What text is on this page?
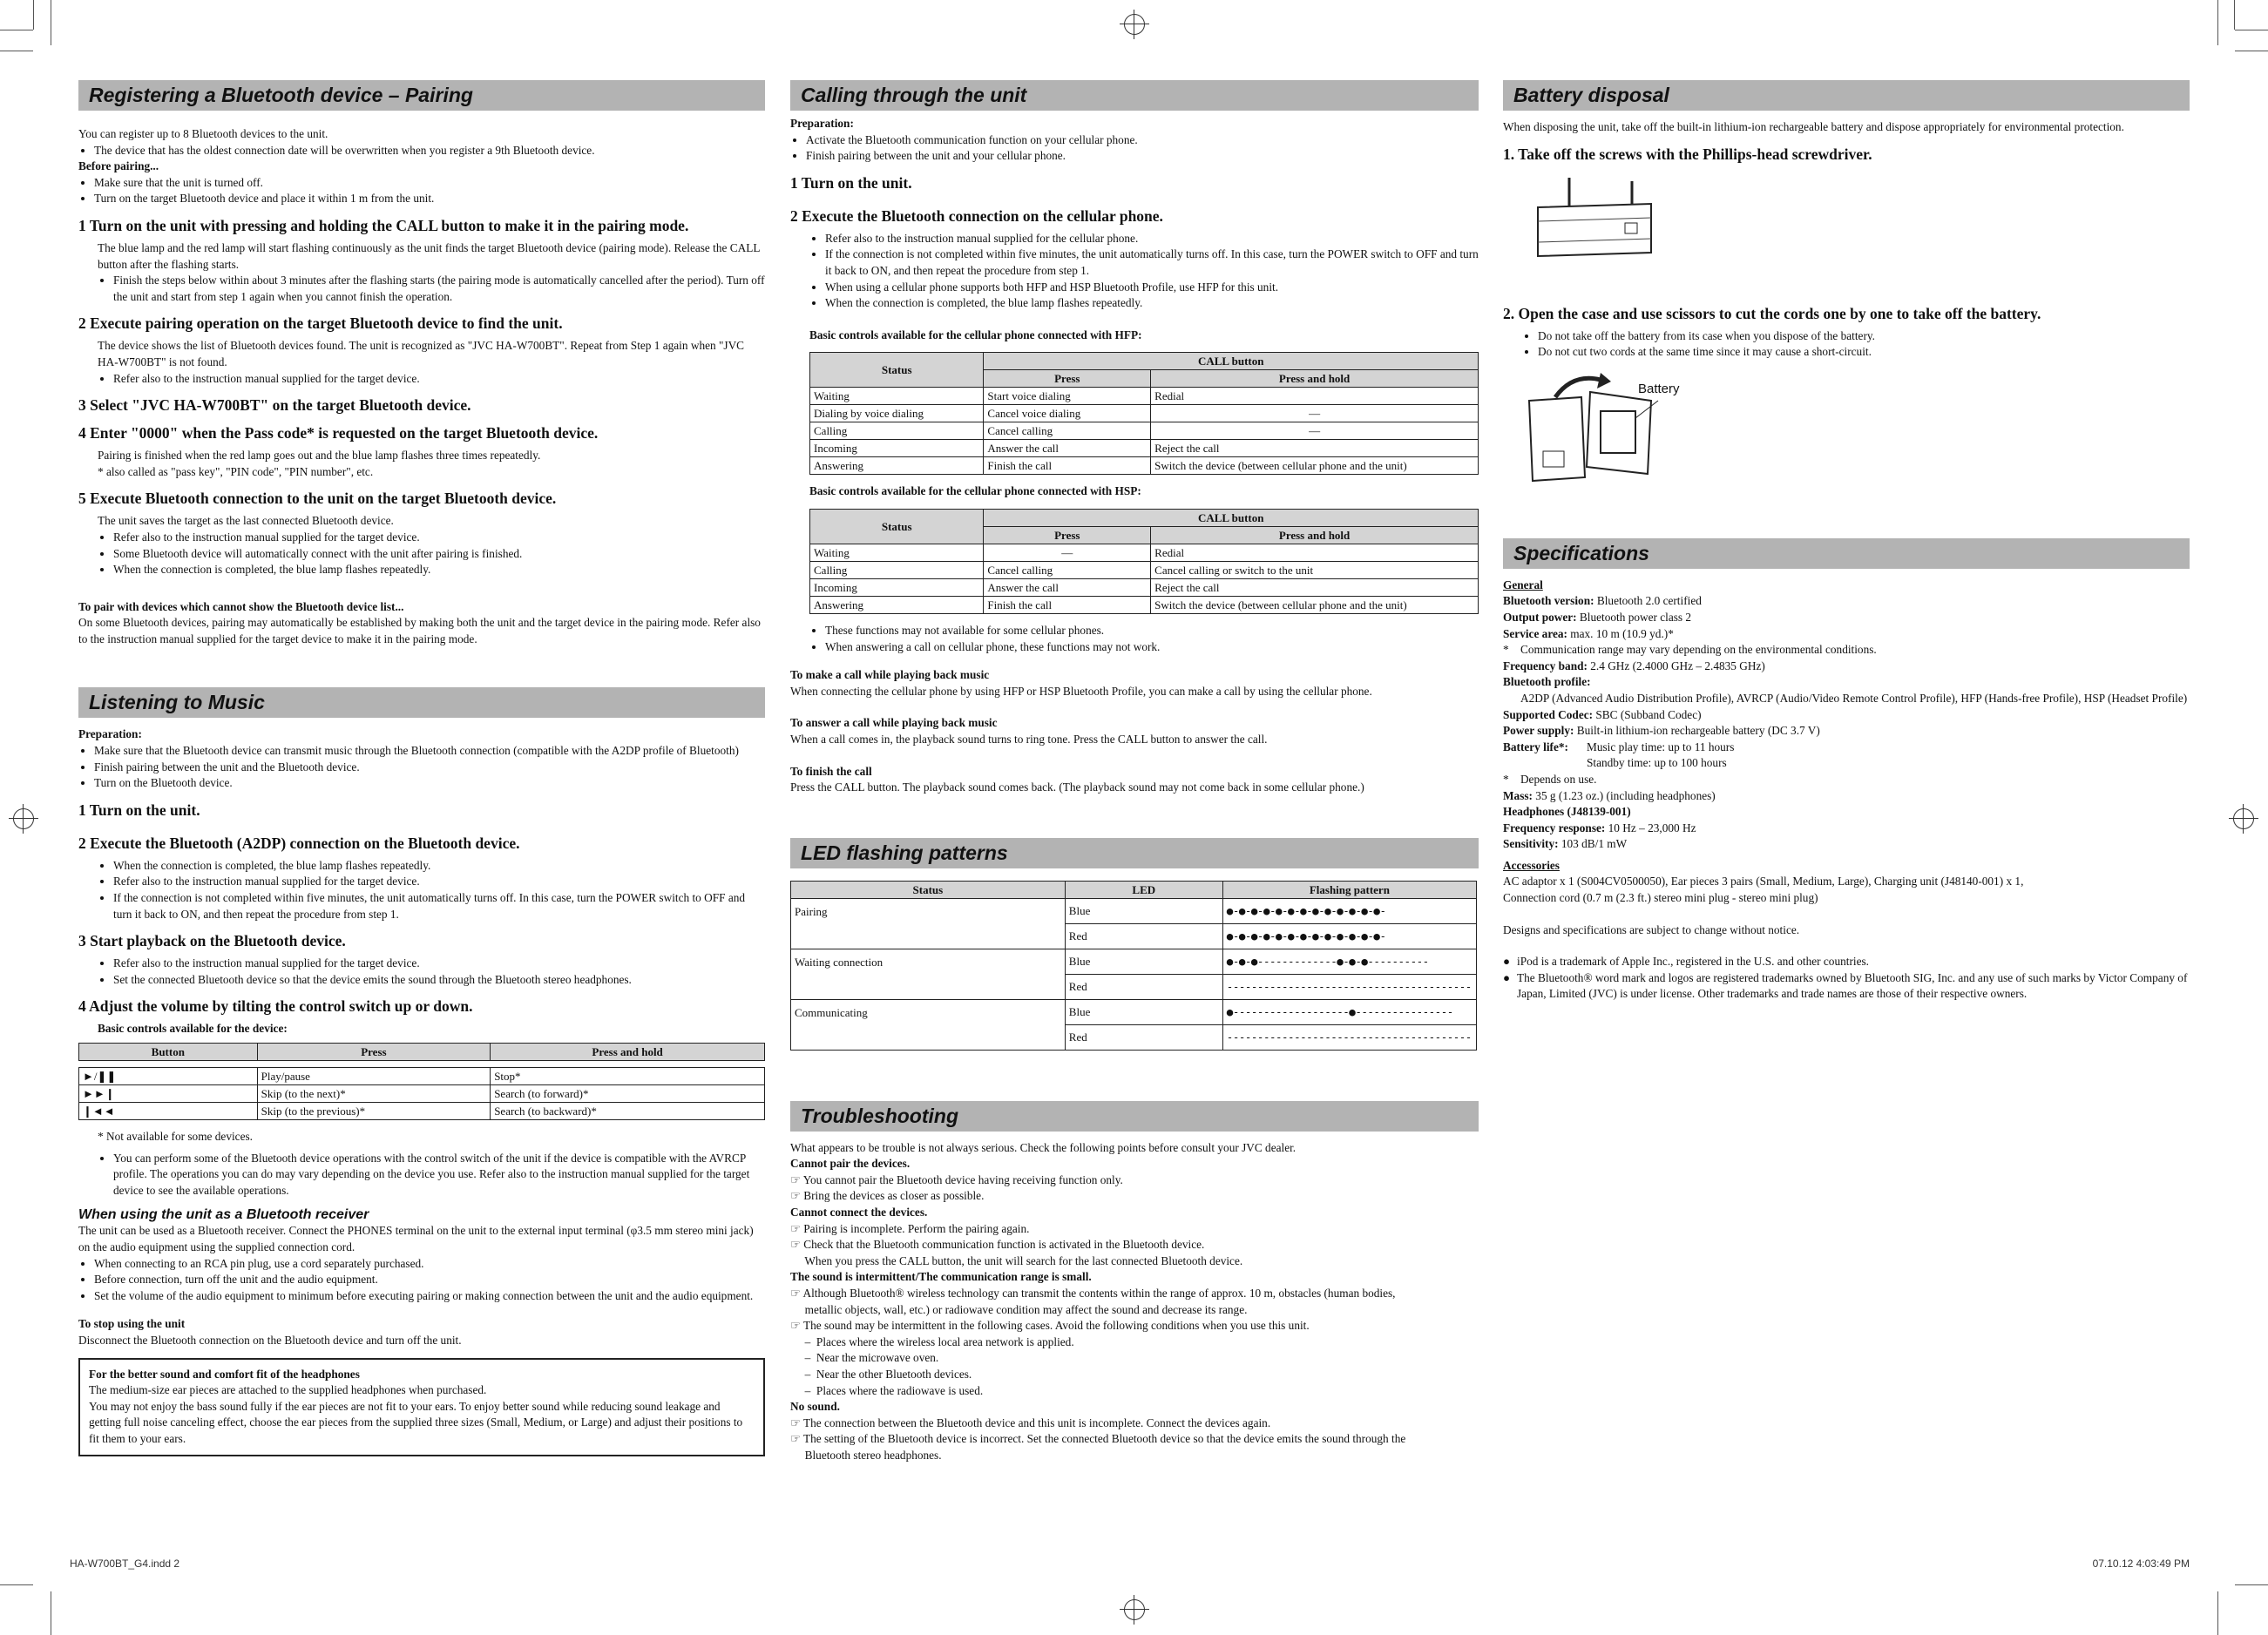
Registering a Bluetooth device – Pairing

You can register up to 8 Bluetooth devices to the unit.

• The device that has the oldest connection date will be overwritten when you register a 9th Bluetooth device.

Before pairing...

• Make sure that the unit is turned off.
• Turn on the target Bluetooth device and place it within 1 m from the unit.
1 Turn on the unit with pressing and holding the CALL button to make it in the pairing mode.

The blue lamp and the red lamp will start flashing continuously as the unit finds the target Bluetooth device (pairing mode). Release the CALL button after the flashing starts.

• Finish the steps below within about 3 minutes after the flashing starts (the pairing mode is automatically cancelled after the period). Turn off the unit and start from step 1 again when you cannot finish the operation.
2 Execute pairing operation on the target Bluetooth device to find the unit.

The device shows the list of Bluetooth devices found. The unit is recognized as "JVC HA-W700BT". Repeat from Step 1 again when "JVC HA-W700BT" is not found.

• Refer also to the instruction manual supplied for the target device.
3 Select "JVC HA-W700BT" on the target Bluetooth device.
4 Enter "0000" when the Pass code* is requested on the target Bluetooth device.

Pairing is finished when the red lamp goes out and the blue lamp flashes three times repeatedly.

* also called as "pass key", "PIN code", "PIN number", etc.

5 Execute Bluetooth connection to the unit on the target Bluetooth device.

The unit saves the target as the last connected Bluetooth device.

• Refer also to the instruction manual supplied for the target device.
• Some Bluetooth device will automatically connect with the unit after pairing is finished.
• When the connection is completed, the blue lamp flashes repeatedly.

To pair with devices which cannot show the Bluetooth device list...

On some Bluetooth devices, pairing may automatically be established by making both the unit and the target device in the pairing mode. Refer also to the instruction manual supplied for the target device to make it in the pairing mode.

Listening to Music

Preparation:

• Make sure that the Bluetooth device can transmit music through the Bluetooth connection (compatible with the A2DP profile of Bluetooth)
• Finish pairing between the unit and the Bluetooth device.
• Turn on the Bluetooth device.
1 Turn on the unit.
2 Execute the Bluetooth (A2DP) connection on the Bluetooth device.
• When the connection is completed, the blue lamp flashes repeatedly.
• Refer also to the instruction manual supplied for the target device.
• If the connection is not completed within five minutes, the unit automatically turns off. In this case, turn the POWER switch to OFF and turn it back to ON, and then repeat the procedure from step 1.
3 Start playback on the Bluetooth device.
• Refer also to the instruction manual supplied for the target device.
• Set the connected Bluetooth device so that the device emits the sound through the Bluetooth stereo headphones.
4 Adjust the volume by tilting the control switch up or down.

Basic controls available for the device:

Button	Press	Press and hold

►/❚❚	Play/pause	Stop*
►►❙	Skip (to the next)*	Search (to forward)*
❙◄◄	Skip (to the previous)*	Search (to backward)*

* Not available for some devices.

• You can perform some of the Bluetooth device operations with the control switch of the unit if the device is compatible with the AVRCP profile. The operations you can do may vary depending on the device you use. Refer also to the instruction manual supplied for the target device to see the available operations.
When using the unit as a Bluetooth receiver

The unit can be used as a Bluetooth receiver. Connect the PHONES terminal on the unit to the external input terminal (φ3.5 mm stereo mini jack) on the audio equipment using the supplied connection cord.

• When connecting to an RCA pin plug, use a cord separately purchased.
• Before connection, turn off the unit and the audio equipment.
• Set the volume of the audio equipment to minimum before executing pairing or making connection between the unit and the audio equipment.

To stop using the unit

Disconnect the Bluetooth connection on the Bluetooth device and turn off the unit.

For the better sound and comfort fit of the headphones

The medium-size ear pieces are attached to the supplied headphones when purchased.

You may not enjoy the bass sound fully if the ear pieces are not fit to your ears. To enjoy better sound while reducing sound leakage and getting full noise canceling effect, choose the ear pieces from the supplied three sizes (Small, Medium, or Large) and adjust their positions to fit them to your ears.

Calling through the unit

Preparation:

• Activate the Bluetooth communication function on your cellular phone.
• Finish pairing between the unit and your cellular phone.
1 Turn on the unit.
2 Execute the Bluetooth connection on the cellular phone.
• Refer also to the instruction manual supplied for the cellular phone.
• If the connection is not completed within five minutes, the unit automatically turns off. In this case, turn the POWER switch to OFF and turn it back to ON, and then repeat the procedure from step 1.
• When using a cellular phone supports both HFP and HSP Bluetooth Profile, use HFP for this unit.
• When the connection is completed, the blue lamp flashes repeatedly.

Basic controls available for the cellular phone connected with HFP:

Status	CALL button	
	Press	Press and hold
Waiting	Start voice dialing	Redial
Dialing by voice dialing	Cancel voice dialing	—
Calling	Cancel calling	—
Incoming	Answer the call	Reject the call
Answering	Finish the call	Switch the device (between cellular phone and the unit)

Basic controls available for the cellular phone connected with HSP:

Status	CALL button	
	Press	Press and hold
Waiting	—	Redial
Calling	Cancel calling	Cancel calling or switch to the unit
Incoming	Answer the call	Reject the call
Answering	Finish the call	Switch the device (between cellular phone and the unit)
• These functions may not available for some cellular phones.
• When answering a call on cellular phone, these functions may not work.

To make a call while playing back music

When connecting the cellular phone by using HFP or HSP Bluetooth Profile, you can make a call by using the cellular phone.

To answer a call while playing back music

When a call comes in, the playback sound turns to ring tone. Press the CALL button to answer the call.

To finish the call

Press the CALL button. The playback sound comes back. (The playback sound may not come back in some cellular phone.)

LED flashing patterns
Status	LED	Flashing pattern
Pairing	Blue	●-●-●-●-●-●-●-●-●-●-●-●-●-
	Red	●-●-●-●-●-●-●-●-●-●-●-●-●-
Waiting connection	Blue	●-●-●-------------●-●-●----------
	Red	----------------------------------------
Communicating	Blue	●-------------------●----------------
	Red	----------------------------------------
Troubleshooting

What appears to be trouble is not always serious. Check the following points before consult your JVC dealer.

Cannot pair the devices.

☞ You cannot pair the Bluetooth device having receiving function only.

☞ Bring the devices as closer as possible.

Cannot connect the devices.

☞ Pairing is incomplete. Perform the pairing again.

☞ Check that the Bluetooth communication function is activated in the Bluetooth device.

When you press the CALL button, the unit will search for the last connected Bluetooth device.

The sound is intermittent/The communication range is small.

☞ Although Bluetooth® wireless technology can transmit the contents within the range of approx. 10 m, obstacles (human bodies,

metallic objects, wall, etc.) or radiowave condition may affect the sound and decrease its range.

☞ The sound may be intermittent in the following cases. Avoid the following conditions when you use this unit.

–  Places where the wireless local area network is applied.

–  Near the microwave oven.

–  Near the other Bluetooth devices.

–  Places where the radiowave is used.

No sound.

☞ The connection between the Bluetooth device and this unit is incomplete. Connect the devices again.

☞ The setting of the Bluetooth device is incorrect. Set the connected Bluetooth device so that the device emits the sound through the

Bluetooth stereo headphones.

Battery disposal

When disposing the unit, take off the built-in lithium-ion rechargeable battery and dispose appropriately for environmental protection.

1. Take off the screws with the Phillips-head screwdriver.
2. Open the case and use scissors to cut the cords one by one to take off the battery.
• Do not take off the battery from its case when you dispose of the battery.
• Do not cut two cords at the same time since it may cause a short-circuit.
Battery
Specifications

General

Bluetooth version: Bluetooth 2.0 certified

Output power: Bluetooth power class 2

Service area: max. 10 m (10.9 yd.)*

*    Communication range may vary depending on the environmental conditions.

Frequency band: 2.4 GHz (2.4000 GHz – 2.4835 GHz)

Bluetooth profile:

A2DP (Advanced Audio Distribution Profile), AVRCP (Audio/Video Remote Control Profile), HFP (Hands-free Profile), HSP (Headset Profile)

Supported Codec: SBC (Subband Codec)

Power supply: Built-in lithium-ion rechargeable battery (DC 3.7 V)

Battery life*: Music play time: up to 11 hours

Standby time: up to 100 hours

*    Depends on use.

Mass: 35 g (1.23 oz.) (including headphones)

Headphones (J48139-001)

Frequency response: 10 Hz – 23,000 Hz

Sensitivity: 103 dB/1 mW

Accessories

AC adaptor x 1 (S004CV0500050), Ear pieces 3 pairs (Small, Medium, Large), Charging unit (J48140-001) x 1,

Connection cord (0.7 m (2.3 ft.) stereo mini plug - stereo mini plug)

Designs and specifications are subject to change without notice.

● iPod is a trademark of Apple Inc., registered in the U.S. and other countries.
● The Bluetooth® word mark and logos are registered trademarks owned by Bluetooth SIG, Inc. and any use of such marks by Victor Company of Japan, Limited (JVC) is under license. Other trademarks and trade names are those of their respective owners.
HA-W700BT_G4.indd 2	07.10.12 4:03:49 PM
